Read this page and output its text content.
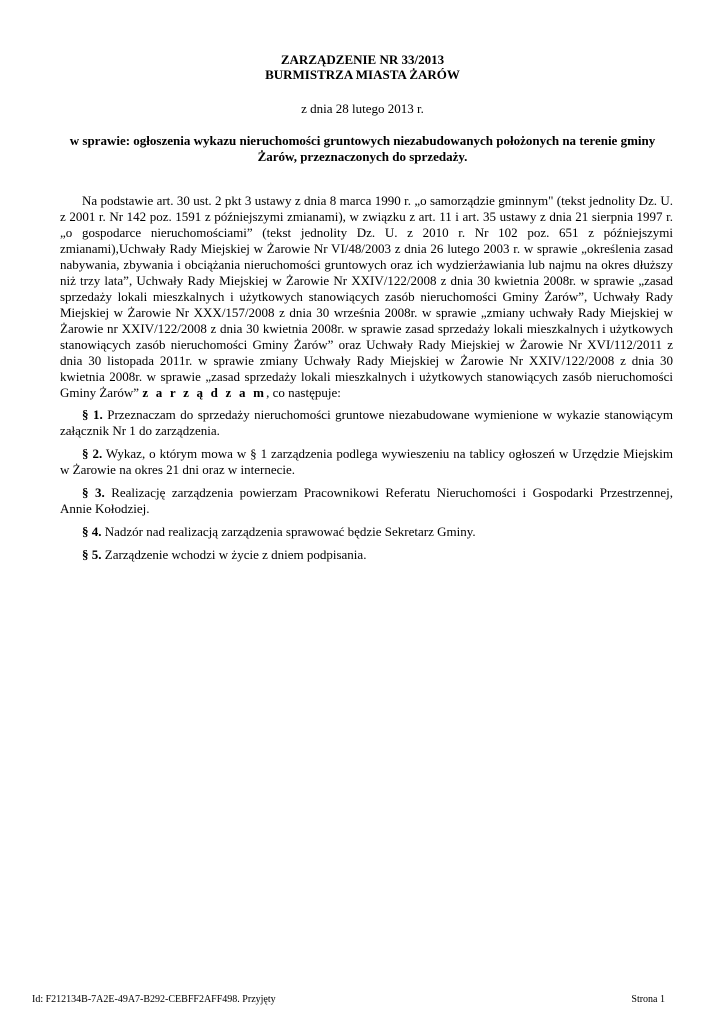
ZARZĄDZENIE NR 33/2013
BURMISTRZA MIASTA ŻARÓW
z dnia 28 lutego 2013 r.
w sprawie: ogłoszenia wykazu nieruchomości gruntowych niezabudowanych położonych na terenie gminy
Żarów, przeznaczonych do sprzedaży.

Na podstawie art. 30 ust. 2 pkt 3 ustawy z dnia 8 marca 1990 r. „o samorządzie gminnym" (tekst jednolity Dz. U. z 2001 r. Nr 142 poz. 1591 z późniejszymi zmianami), w związku z art. 11 i art. 35 ustawy z dnia 21 sierpnia 1997 r. „o gospodarce nieruchomościami” (tekst jednolity Dz. U. z 2010 r. Nr 102 poz. 651 z późniejszymi zmianami),Uchwały Rady Miejskiej w Żarowie Nr VI/48/2003 z dnia 26 lutego 2003 r. w sprawie „określenia zasad nabywania, zbywania i obciążania nieruchomości gruntowych oraz ich wydzierżawiania lub najmu na okres dłuższy niż trzy lata”, Uchwały Rady Miejskiej w Żarowie Nr XXIV/122/2008 z dnia 30 kwietnia 2008r. w sprawie „zasad sprzedaży lokali mieszkalnych i użytkowych stanowiących zasób nieruchomości Gminy Żarów”, Uchwały Rady Miejskiej w Żarowie Nr XXX/157/2008 z dnia 30 września 2008r. w sprawie „zmiany uchwały Rady Miejskiej w Żarowie nr XXIV/122/2008 z dnia 30 kwietnia 2008r. w sprawie zasad sprzedaży lokali mieszkalnych i użytkowych stanowiących zasób nieruchomości Gminy Żarów” oraz Uchwały Rady Miejskiej w Żarowie Nr XVI/112/2011 z dnia 30 listopada 2011r. w sprawie zmiany Uchwały Rady Miejskiej w Żarowie Nr XXIV/122/2008 z dnia 30 kwietnia 2008r. w sprawie „zasad sprzedaży lokali mieszkalnych i użytkowych stanowiących zasób nieruchomości Gminy Żarów” z a r z ą d z a m, co następuje:

§ 1. Przeznaczam do sprzedaży nieruchomości gruntowe niezabudowane wymienione w wykazie stanowiącym załącznik Nr 1 do zarządzenia.

§ 2. Wykaz, o którym mowa w § 1 zarządzenia podlega wywieszeniu na tablicy ogłoszeń w Urzędzie Miejskim w Żarowie na okres 21 dni oraz w internecie.

§ 3. Realizację zarządzenia powierzam Pracownikowi Referatu Nieruchomości i Gospodarki Przestrzennej, Annie Kołodziej.

§ 4. Nadzór nad realizacją zarządzenia sprawować będzie Sekretarz Gminy.

§ 5. Zarządzenie wchodzi w życie z dniem podpisania.

Id: F212134B-7A2E-49A7-B292-CEBFF2AFF498. Przyjęty	Strona 1
